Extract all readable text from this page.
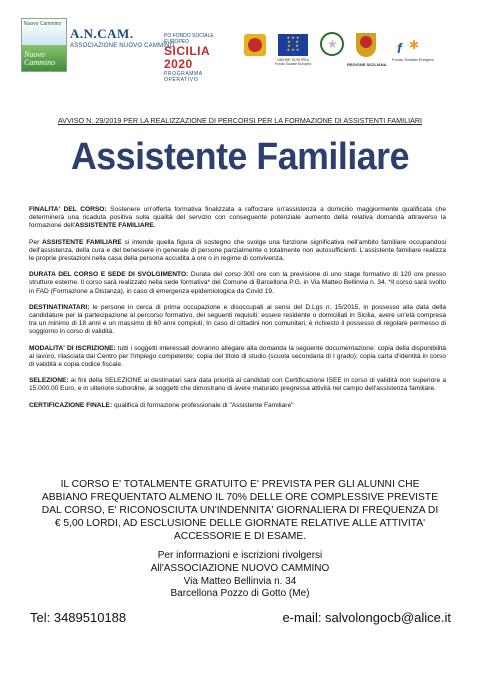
Nuovo Cammino
Nuovo Cammino
A.N.CAM.
ASSOCIAZIONE NUOVO CAMMINO
PO FONDO SOCIALE EUROPEO
SICILIA 2020
PROGRAMMA OPERATIVO
★ ★ ★
★    ★
★    ★
★ ★ ★
UNIONE EUROPEA Fondo Sociale Europeo
★
REGIONE SICILIANA
f ✱
Fondo Sociale Europeo
AVVISO N. 29/2019 PER LA REALIZZAZIONE DI PERCORSI PER LA FORMAZIONE DI ASSISTENTI FAMILIARI
Assistente Familiare

FINALITA' DEL CORSO: Sostenere un'offerta formativa finalizzata a rafforzare un'assistenza a domicilio maggiormente qualificata che determinerà una ricaduta positiva sulla qualità del servizio con conseguente potenziale aumento della relativa domanda attraverso la formazione dell'ASSISTENTE FAMILIARE.

Per ASSISTENTE FAMILIARE si intende quella figura di sostegno che svolge una funzione significativa nell'ambito familiare occupandosi dell'assistenza, della cura e del benessere in generale di persone parzialmente o totalmente non autosufficienti. L'assistente familiare realizza le proprie prestazioni nella casa della persona accudita a ore o in regime di convivenza.

DURATA DEL CORSO E SEDE DI SVOLGIMENTO: Durata del corso 300 ore con la previsione di uno stage formativo di 120 ore presso strutture esterne. Il corso sarà realizzato nella sede formativa* del Comune di Barcellona P.G. in Via Matteo Bellinvia n. 34. *Il corso sarà svolto in FAD (Formazione a Distanza), in caso di emergenza epidemiologica da Covid 19.

DESTINATINATARI: le persone in cerca di prima occupazione e disoccupati ai sensi del D.Lgs n. 15/2015, in possesso alla data della candidature per la partecipazione al percorso formativo, dei seguenti requisiti: essere residente o domiciliati in Sicilia, avere un'età compresa tra un minimo di 18 anni e un massimo di 60 anni compiuti; In caso di cittadini non comunitari, è richiesto il possesso di regolare permesso di soggiorno in corso di validità.

MODALITA' DI ISCRIZIONE: tutti i soggetti interessati dovranno allegare alla domanda la seguente documentazione: copia della disponibilità al lavoro, rilasciata dal Centro per l'impiego competente; copia del titolo di studio (scuola secondaria di I grado); copia carta d'identità in corso di validità e copia codice fiscale.

SELEZIONE: ai fini della SELEZIONE ai destinatari sarà data priorità ai candidati con Certificazione ISEE in corso di validità non superiore a 15.000,00 Euro, e in ulteriore subordine, ai soggetti che dimostrano di avere maturato pregressa attività nel campo dell'assistenza familiare.

CERTIFICAZIONE FINALE: qualifica di formazione professionale di "Assistente Familiare"

IL CORSO E' TOTALMENTE GRATUITO E' PREVISTA PER GLI ALUNNI CHE
ABBIANO FREQUENTATO ALMENO IL 70% DELLE ORE COMPLESSIVE PREVISTE
DAL CORSO, E' RICONOSCIUTA UN'INDENNITA' GIORNALIERA DI FREQUENZA DI
€ 5,00 LORDI, AD ESCLUSIONE DELLE GIORNATE RELATIVE ALLE ATTIVITA'
ACCESSORIE E DI ESAME.
Per informazioni e iscrizioni rivolgersi
All'ASSOCIAZIONE NUOVO CAMMINO
Via Matteo Bellinvia n. 34
Barcellona Pozzo di Gotto (Me)
Tel: 3489510188	e-mail: salvolongocb@alice.it
